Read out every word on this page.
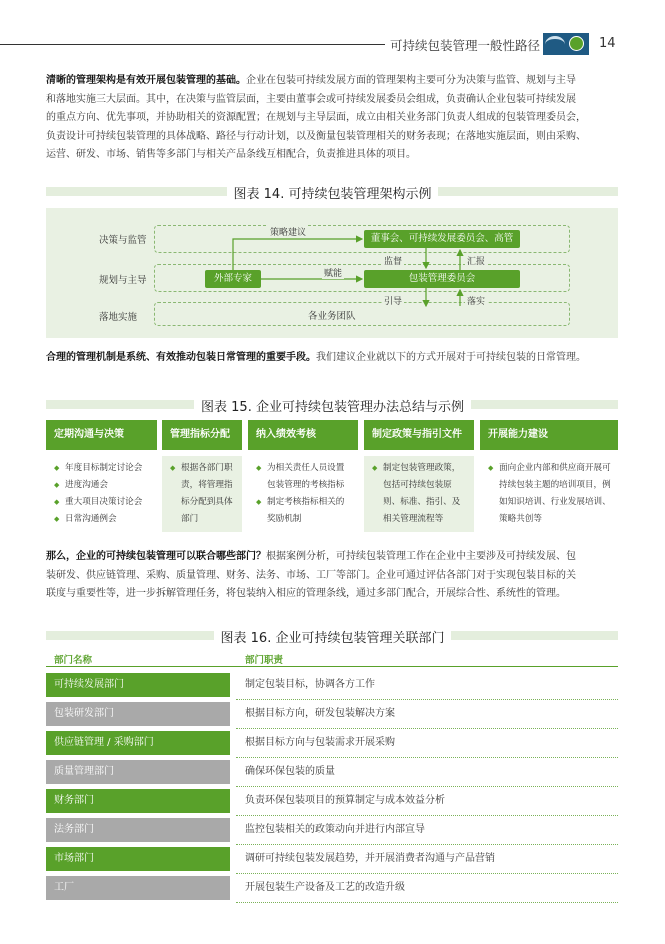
可持续包装管理一般性路径	14
清晰的管理架构是有效开展包装管理的基础。企业在包装可持续发展方面的管理架构主要可分为决策与监管、规划与主导
和落地实施三大层面。其中，在决策与监管层面，主要由董事会或可持续发展委员会组成，负责确认企业包装可持续发展
的重点方向、优先事项，并协助相关的资源配置；在规划与主导层面，成立由相关业务部门负责人组成的包装管理委员会，
负责设计可持续包装管理的具体战略、路径与行动计划，以及衡量包装管理相关的财务表现；在落地实施层面，则由采购、
运营、研发、市场、销售等多部门与相关产品条线互相配合，负责推进具体的项目。
图表 14. 可持续包装管理架构示例
决策与监管
规划与主导
落地实施
董事会、可持续发展委员会、高管
外部专家	包装管理委员会
各业务团队
策略建议
监督	汇报
赋能
引导	落实
合理的管理机制是系统、有效推动包装日常管理的重要手段。我们建议企业就以下的方式开展对于可持续包装的日常管理。
图表 15. 企业可持续包装管理办法总结与示例
定期沟通与决策	管理指标分配	纳入绩效考核	制定政策与指引文件	开展能力建设
◆ 年度目标制定讨论会
◆ 进度沟通会
◆ 重大项目决策讨论会
◆ 日常沟通例会
◆ 根据各部门职责，将管理指标分配到具体部门
◆ 为相关责任人员设置包装管理的考核指标
◆ 制定考核指标相关的奖励机制
◆ 制定包装管理政策，包括可持续包装原则、标准、指引、及相关管理流程等
◆ 面向企业内部和供应商开展可持续包装主题的培训项目，例如知识培训、行业发展培训、策略共创等
那么，企业的可持续包装管理可以联合哪些部门？根据案例分析，可持续包装管理工作在企业中主要涉及可持续发展、包
装研发、供应链管理、采购、质量管理、财务、法务、市场、工厂等部门。企业可通过评估各部门对于实现包装目标的关
联度与重要性等，进一步拆解管理任务，将包装纳入相应的管理条线，通过多部门配合，开展综合性、系统性的管理。
图表 16. 企业可持续包装管理关联部门
部门名称	部门职责
可持续发展部门	制定包装目标，协调各方工作
包装研发部门	根据目标方向，研发包装解决方案
供应链管理 / 采购部门	根据目标方向与包装需求开展采购
质量管理部门	确保环保包装的质量
财务部门	负责环保包装项目的预算制定与成本效益分析
法务部门	监控包装相关的政策动向并进行内部宣导
市场部门	调研可持续包装发展趋势，并开展消费者沟通与产品营销
工厂	开展包装生产设备及工艺的改造升级
